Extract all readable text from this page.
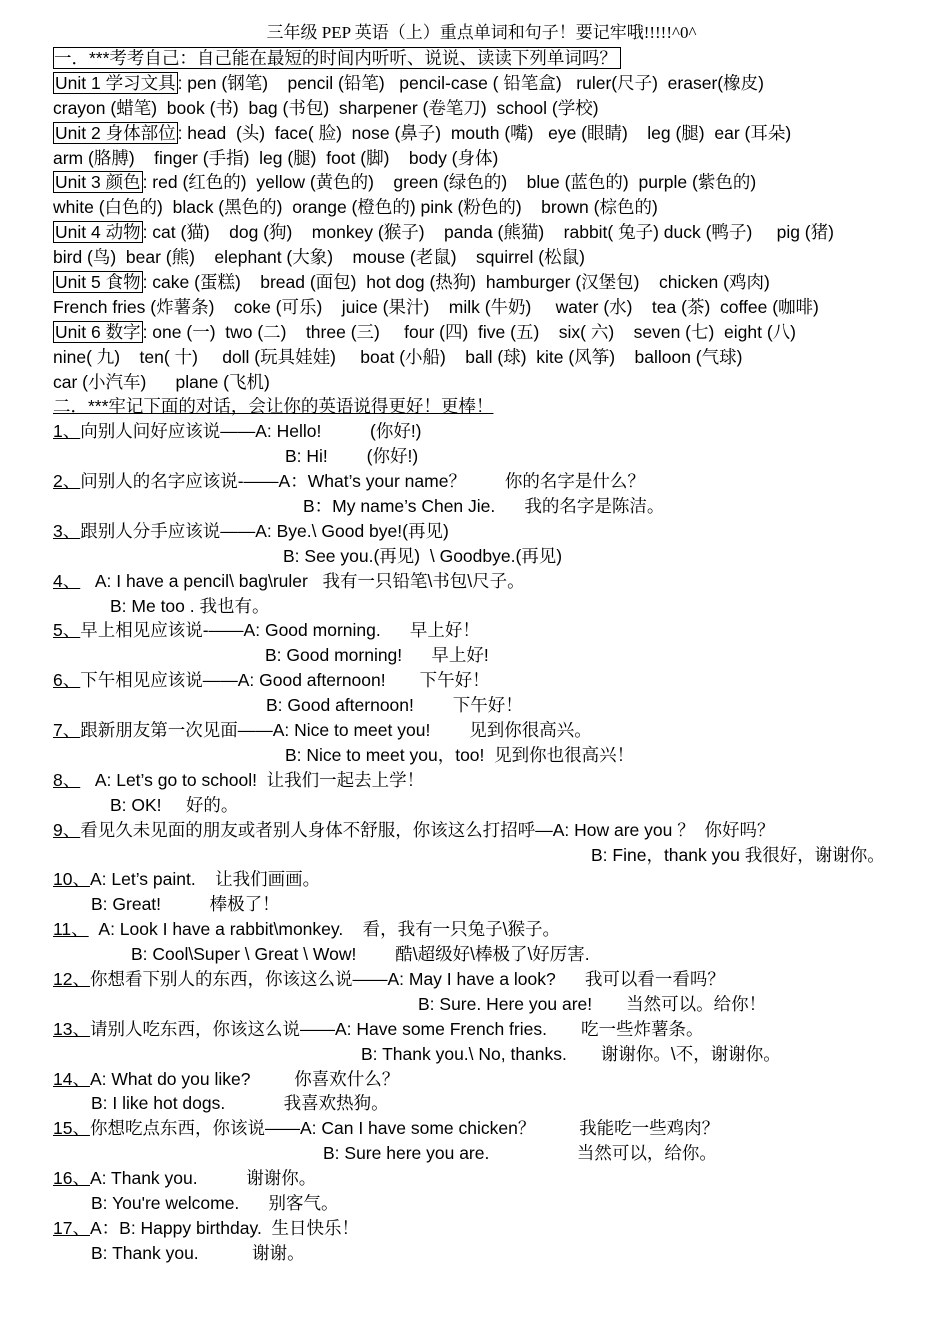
三年级 PEP 英语（上）重点单词和句子！要记牢哦!!!!!^0^
一．***考考自己：自己能在最短的时间内听听、说说、读读下列单词吗？
Unit 1 学习文具 : pen (钢笔)    pencil (铅笔)   pencil-case ( 铅笔盒)   ruler(尺子)  eraser(橡皮)
crayon (蜡笔)  book (书)  bag (书包)  sharpener (卷笔刀)  school (学校)
Unit 2 身体部位 : head  (头)  face( 脸)  nose (鼻子)  mouth (嘴)   eye (眼睛)    leg (腿)  ear (耳朵)
arm (胳膊)    finger (手指)  leg (腿)  foot (脚)    body (身体)
Unit 3 颜色 : red (红色的)  yellow (黄色的)    green (绿色的)    blue (蓝色的)  purple (紫色的)
white (白色的)  black (黑色的)  orange (橙色的) pink (粉色的)    brown (棕色的)
Unit 4 动物 : cat (猫)    dog (狗)    monkey (猴子)    panda (熊猫)    rabbit( 兔子) duck (鸭子)     pig (猪)
bird (鸟)  bear (熊)    elephant (大象)    mouse (老鼠)    squirrel (松鼠)
Unit 5 食物 : cake (蛋糕)    bread (面包)  hot dog (热狗)  hamburger (汉堡包)    chicken (鸡肉)
French fries (炸薯条)    coke (可乐)    juice (果汁)    milk (牛奶)     water (水)    tea (茶)  coffee (咖啡)
Unit 6 数字 : one (一)  two (二)    three (三)     four (四)  five (五)    six( 六)    seven (七)  eight (八)
nine( 九)    ten( 十)     doll (玩具娃娃)     boat (小船)    ball (球)  kite (风筝)    balloon (气球)
car (小汽车)      plane (飞机)
二．***牢记下面的对话，会让你的英语说得更好！更棒！
1、向别人问好应该说——A: Hello!          (你好!)
B: Hi!        (你好!)
2、问别人的名字应该说-——A：What’s your name？        你的名字是什么？
B：My name’s Chen Jie.      我的名字是陈洁。
3、跟别人分手应该说——A: Bye.\ Good bye!(再见)
B: See you.(再见)  \ Goodbye.(再见)
4、   A: I have a pencil\ bag\ruler   我有一只铅笔\书包\尺子。
B: Me too . 我也有。
5、早上相见应该说-——A: Good morning.      早上好！
B: Good morning!      早上好!
6、下午相见应该说——A: Good afternoon!       下午好！
B: Good afternoon!        下午好！
7、跟新朋友第一次见面——A: Nice to meet you!        见到你很高兴。
B: Nice to meet you，too!  见到你也很高兴！
8、   A: Let’s go to school!  让我们一起去上学！
B: OK!     好的。
9、看见久未见面的朋友或者别人身体不舒服，你该这么打招呼—A: How are you ？  你好吗？
B: Fine，thank you 我很好，谢谢你。
10、A: Let’s paint.    让我们画画。
B: Great!          棒极了！
11、  A: Look I have a rabbit\monkey.    看，我有一只兔子\猴子。
B: Cool\Super \ Great \ Wow!        酷\超级好\棒极了\好厉害.
12、你想看下别人的东西，你该这么说——A: May I have a look?      我可以看一看吗？
B: Sure. Here you are!       当然可以。给你！
13、请别人吃东西，你该这么说——A: Have some French fries.       吃一些炸薯条。
B: Thank you.\ No, thanks.       谢谢你。\不，谢谢你。
14、A: What do you like?         你喜欢什么？
B: I like hot dogs.            我喜欢热狗。
15、你想吃点东西，你该说——A: Can I have some chicken？         我能吃一些鸡肉？
B: Sure here you are.                  当然可以，给你。
16、A: Thank you.          谢谢你。
B: You're welcome.      别客气。
17、A：B: Happy birthday.  生日快乐！
B: Thank you.           谢谢。
